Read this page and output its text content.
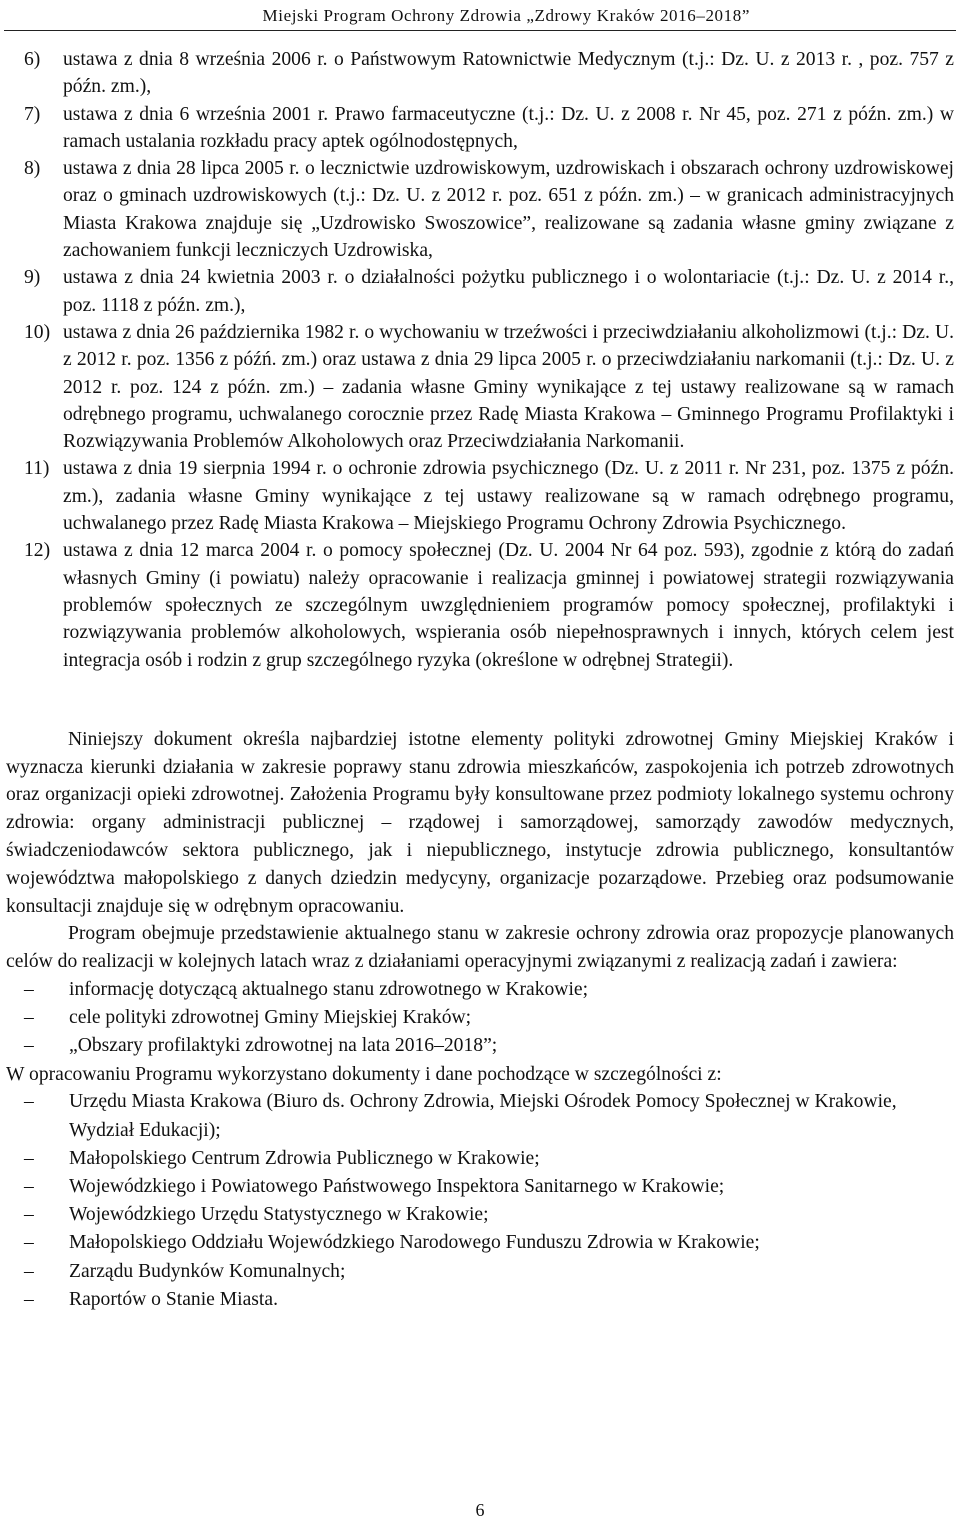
Miejski Program Ochrony Zdrowia „Zdrowy Kraków 2016–2018”
6) ustawa z dnia 8 września 2006 r. o Państwowym Ratownictwie Medycznym (t.j.: Dz. U. z 2013 r. , poz. 757 z późn. zm.),
7) ustawa z dnia 6 września 2001 r. Prawo farmaceutyczne (t.j.: Dz. U. z 2008 r. Nr 45, poz. 271 z późn. zm.) w ramach ustalania rozkładu pracy aptek ogólnodostępnych,
8) ustawa z dnia 28 lipca 2005 r. o lecznictwie uzdrowiskowym, uzdrowiskach i obszarach ochrony uzdrowiskowej oraz o gminach uzdrowiskowych (t.j.: Dz. U. z 2012 r. poz. 651 z późn. zm.) – w granicach administracyjnych Miasta Krakowa znajduje się „Uzdrowisko Swoszowice”, realizowane są zadania własne gminy związane z zachowaniem funkcji leczniczych Uzdrowiska,
9) ustawa z dnia 24 kwietnia 2003 r. o działalności pożytku publicznego i o wolontariacie (t.j.: Dz. U. z 2014 r., poz. 1118 z późn. zm.),
10) ustawa z dnia 26 października 1982 r. o wychowaniu w trzeźwości i przeciwdziałaniu alkoholizmowi (t.j.: Dz. U. z 2012 r. poz. 1356 z późń. zm.) oraz ustawa z dnia 29 lipca 2005 r. o przeciwdziałaniu narkomanii (t.j.: Dz. U. z 2012 r. poz. 124 z późn. zm.) – zadania własne Gminy wynikające z tej ustawy realizowane są w ramach odrębnego programu, uchwalanego corocznie przez Radę Miasta Krakowa – Gminnego Programu Profilaktyki i Rozwiązywania Problemów Alkoholowych oraz Przeciwdziałania Narkomanii.
11) ustawa z dnia 19 sierpnia 1994 r. o ochronie zdrowia psychicznego (Dz. U. z 2011 r. Nr 231, poz. 1375 z późn. zm.), zadania własne Gminy wynikające z tej ustawy realizowane są w ramach odrębnego programu, uchwalanego przez Radę Miasta Krakowa – Miejskiego Programu Ochrony Zdrowia Psychicznego.
12) ustawa z dnia 12 marca 2004 r. o pomocy społecznej (Dz. U. 2004 Nr 64 poz. 593), zgodnie z którą do zadań własnych Gminy (i powiatu) należy opracowanie i realizacja gminnej i powiatowej strategii rozwiązywania problemów społecznych ze szczególnym uwzględnieniem programów pomocy społecznej, profilaktyki i rozwiązywania problemów alkoholowych, wspierania osób niepełnosprawnych i innych, których celem jest integracja osób i rodzin z grup szczególnego ryzyka (określone w odrębnej Strategii).

Niniejszy dokument określa najbardziej istotne elementy polityki zdrowotnej Gminy Miejskiej Kraków i wyznacza kierunki działania w zakresie poprawy stanu zdrowia mieszkańców, zaspokojenia ich potrzeb zdrowotnych oraz organizacji opieki zdrowotnej. Założenia Programu były konsultowane przez podmioty lokalnego systemu ochrony zdrowia: organy administracji publicznej – rządowej i samorządowej, samorządy zawodów medycznych, świadczeniodawców sektora publicznego, jak i niepublicznego, instytucje zdrowia publicznego, konsultantów województwa małopolskiego z danych dziedzin medycyny, organizacje pozarządowe. Przebieg oraz podsumowanie konsultacji znajduje się w odrębnym opracowaniu.

Program obejmuje przedstawienie aktualnego stanu w zakresie ochrony zdrowia oraz propozycje planowanych celów do realizacji w kolejnych latach wraz z działaniami operacyjnymi związanymi z realizacją zadań i zawiera:

– informację dotyczącą aktualnego stanu zdrowotnego w Krakowie;
– cele polityki zdrowotnej Gminy Miejskiej Kraków;
– „Obszary profilaktyki zdrowotnej na lata 2016–2018”;

W opracowaniu Programu wykorzystano dokumenty i dane pochodzące w szczególności z:

– Urzędu Miasta Krakowa (Biuro ds. Ochrony Zdrowia, Miejski Ośrodek Pomocy Społecznej w Krakowie, Wydział Edukacji);
– Małopolskiego Centrum Zdrowia Publicznego w Krakowie;
– Wojewódzkiego i Powiatowego Państwowego Inspektora Sanitarnego w Krakowie;
– Wojewódzkiego Urzędu Statystycznego w Krakowie;
– Małopolskiego Oddziału Wojewódzkiego Narodowego Funduszu Zdrowia w Krakowie;
– Zarządu Budynków Komunalnych;
– Raportów o Stanie Miasta.
6
